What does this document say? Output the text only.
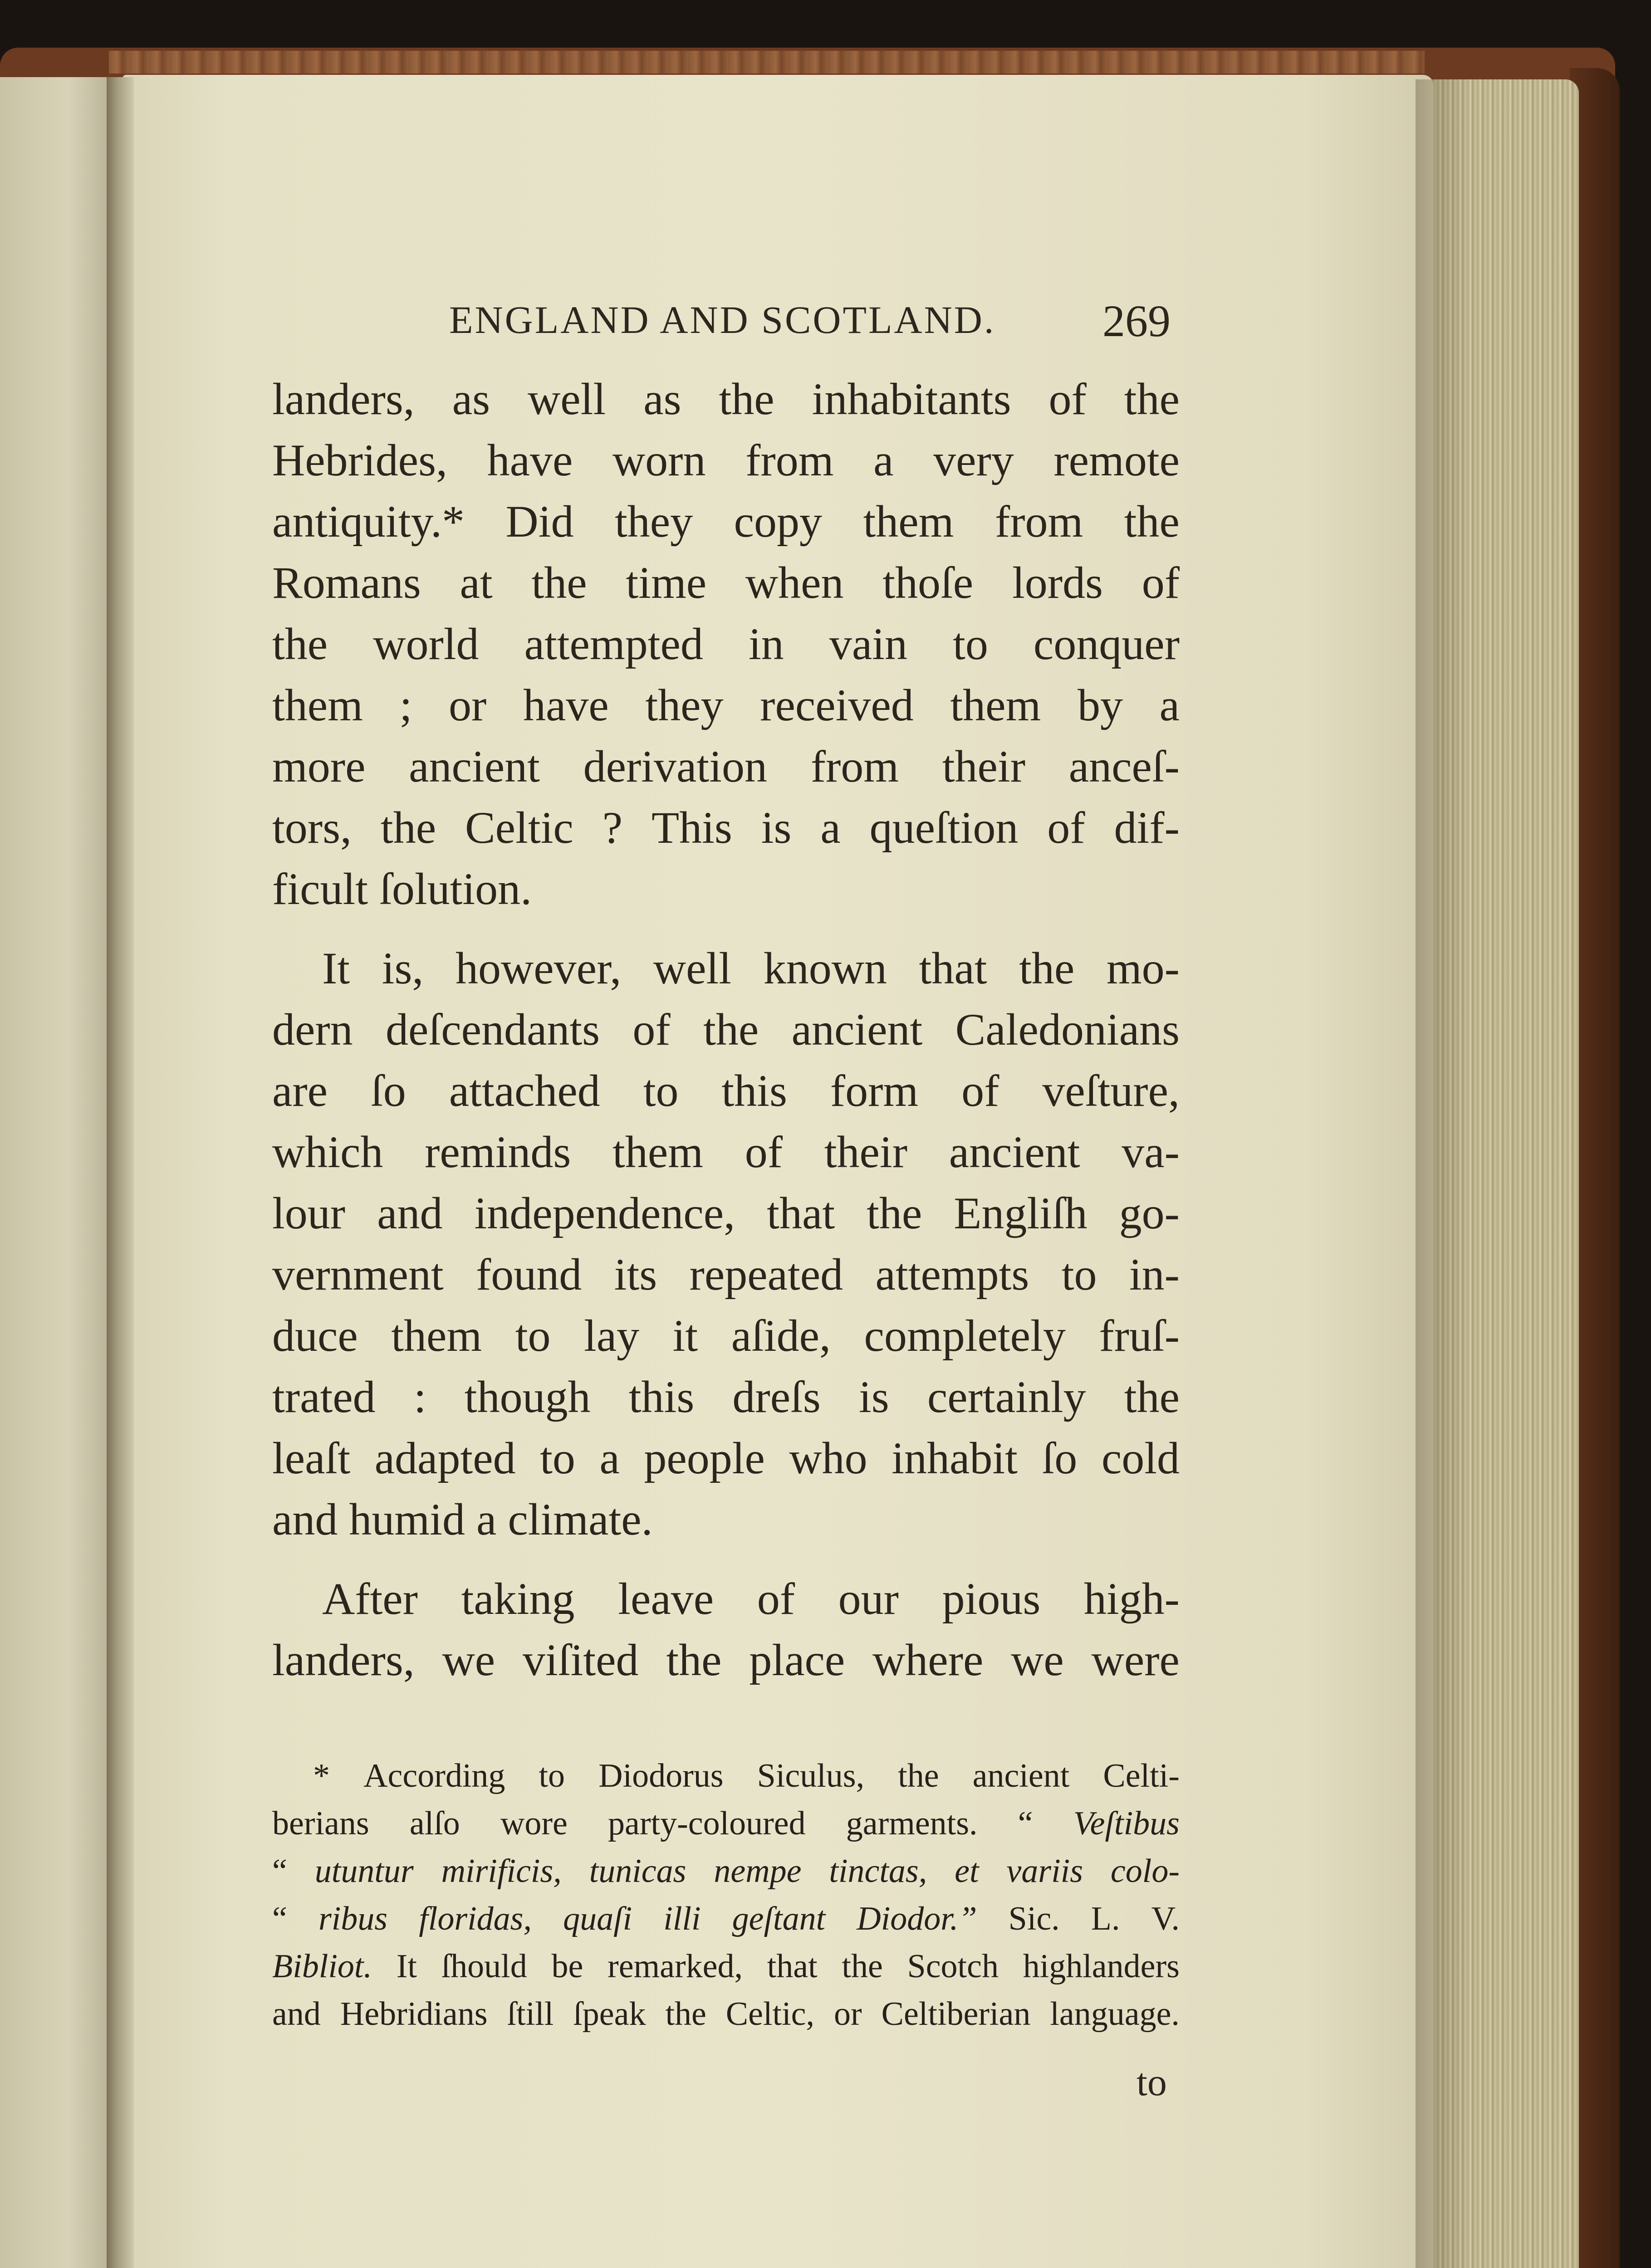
ENGLAND AND SCOTLAND.	269
landers, as well as the inhabitants of the
Hebrides, have worn from a very remote
antiquity.* Did they copy them from the
Romans at the time when thoſe lords of
the world attempted in vain to conquer
them ; or have they received them by a
more ancient derivation from their anceſ-
tors, the Celtic ? This is a queſtion of dif-
ficult ſolution.
It is, however, well known that the mo-
dern deſcendants of the ancient Caledonians
are ſo attached to this form of veſture,
which reminds them of their ancient va-
lour and independence, that the Engliſh go-
vernment found its repeated attempts to in-
duce them to lay it aſide, completely fruſ-
trated : though this dreſs is certainly the
leaſt adapted to a people who inhabit ſo cold
and humid a climate.
After taking leave of our pious high-
landers, we viſited the place where we were
* According to Diodorus Siculus, the ancient Celti-
berians alſo wore party-coloured garments. “ Veſtibus
“ utuntur mirificis, tunicas nempe tinctas, et variis colo-
“ ribus floridas, quaſi illi geſtant Diodor.” Sic. L. V.
Bibliot. It ſhould be remarked, that the Scotch highlanders
and Hebridians ſtill ſpeak the Celtic, or Celtiberian language.
to
